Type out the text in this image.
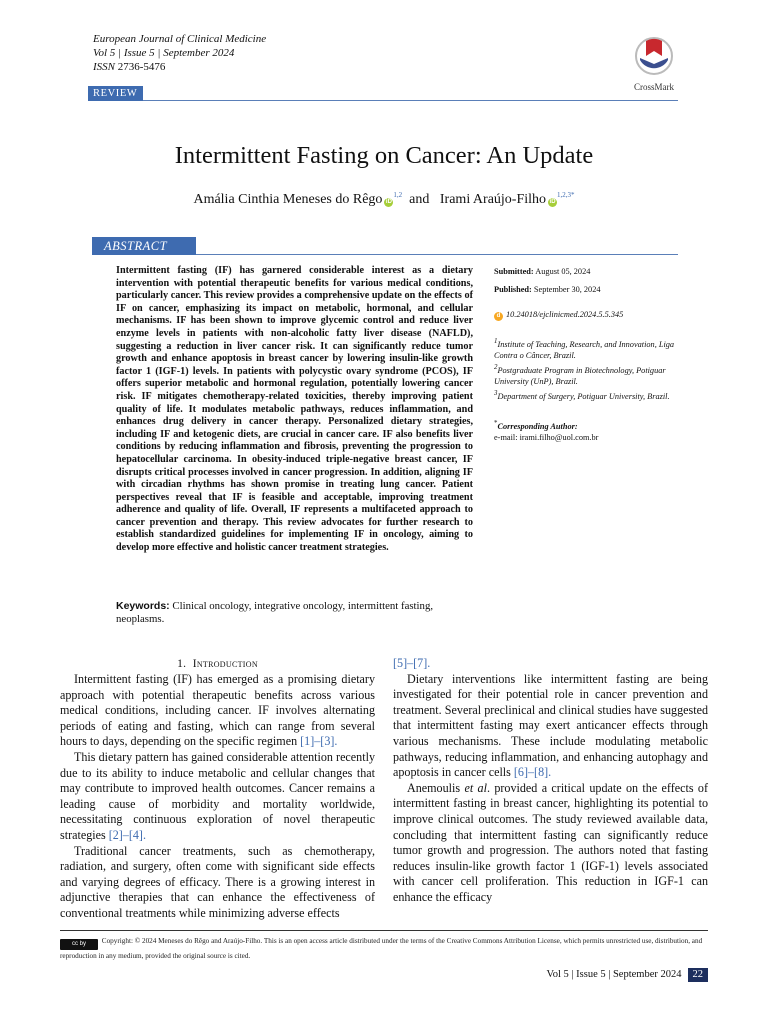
European Journal of Clinical Medicine
Vol 5 | Issue 5 | September 2024
ISSN 2736-5476
CrossMark
REVIEW
Intermittent Fasting on Cancer: An Update
Amália Cinthia Meneses do Rêgo iD$^{1,2}$ and Irami Araújo-Filho $iD^{1,2,3*}$
ABSTRACT
Intermittent fasting (IF) has garnered considerable interest as a dietary intervention with potential therapeutic benefits for various medical conditions, particularly cancer. This review provides a comprehensive update on the effects of IF on cancer, emphasizing its impact on metabolic, hormonal, and cellular mechanisms. IF has been shown to improve glycemic control and reduce liver enzyme levels in patients with non-alcoholic fatty liver disease (NAFLD), suggesting a reduction in liver cancer risk. It can significantly reduce tumor growth and enhance apoptosis in breast cancer by lowering insulin-like growth factor 1 (IGF-1) levels. In patients with polycystic ovary syndrome (PCOS), IF offers superior metabolic and hormonal regulation, potentially lowering cancer risk. IF mitigates chemotherapy-related toxicities, thereby improving patient quality of life. It modulates metabolic pathways, reduces inflammation, and enhances drug delivery in cancer therapy. Personalized dietary strategies, including IF and ketogenic diets, are crucial in cancer care. IF also benefits liver conditions by reducing inflammation and fibrosis, preventing the progression to hepatocellular carcinoma. In obesity-induced triple-negative breast cancer, IF disrupts critical processes involved in cancer progression. In addition, aligning IF with circadian rhythms has shown promise in treating lung cancer. Patient perspectives reveal that IF is feasible and acceptable, improving treatment adherence and quality of life. Overall, IF represents a multifaceted approach to cancer prevention and therapy. This review advocates for further research to establish standardized guidelines for implementing IF in oncology, aiming to develop more effective and holistic cancer treatment strategies.
Keywords: Clinical oncology, integrative oncology, intermittent fasting, neoplasms.
Submitted: August 05, 2024
Published: September 30, 2024
d 10.24018/ejclinicmed.2024.5.5.345
$^1$Institute of Teaching, Research, and Innovation, Liga Contra o Câncer, Brazil.
$^2$Postgraduate Program in Biotechnology, Potiguar University (UnP), Brazil.
$^3$Department of Surgery, Potiguar University, Brazil.
*Corresponding Author:
e-mail: irami.filho@uol.com.br
1. Introduction

Intermittent fasting (IF) has emerged as a promising dietary approach with potential therapeutic benefits across various medical conditions, including cancer. IF involves alternating periods of eating and fasting, which can range from several hours to days, depending on the specific regimen [1]–[3].

This dietary pattern has gained considerable attention recently due to its ability to induce metabolic and cellular changes that may contribute to improved health outcomes. Cancer remains a leading cause of morbidity and mortality worldwide, necessitating continuous exploration of novel therapeutic strategies [2]–[4].

Traditional cancer treatments, such as chemotherapy, radiation, and surgery, often come with significant side effects and varying degrees of efficacy. There is a growing interest in adjunctive therapies that can enhance the effectiveness of conventional treatments while minimizing adverse effects

[5]–[7].

Dietary interventions like intermittent fasting are being investigated for their potential role in cancer prevention and treatment. Several preclinical and clinical studies have suggested that intermittent fasting may exert anticancer effects through various mechanisms. These include modulating metabolic pathways, reducing inflammation, and enhancing autophagy and apoptosis in cancer cells [6]–[8].

Anemoulis et al. provided a critical update on the effects of intermittent fasting in breast cancer, highlighting its potential to improve clinical outcomes. The study reviewed available data, concluding that intermittent fasting can significantly reduce tumor growth and progression. The authors noted that fasting reduces insulin-like growth factor 1 (IGF-1) levels associated with cancer cell proliferation. This reduction in IGF-1 can enhance the efficacy

cc by Copyright: © 2024 Meneses do Rêgo and Araújo-Filho. This is an open access article distributed under the terms of the Creative Commons Attribution License, which permits unrestricted use, distribution, and reproduction in any medium, provided the original source is cited.
Vol 5 | Issue 5 | September 2024 22
